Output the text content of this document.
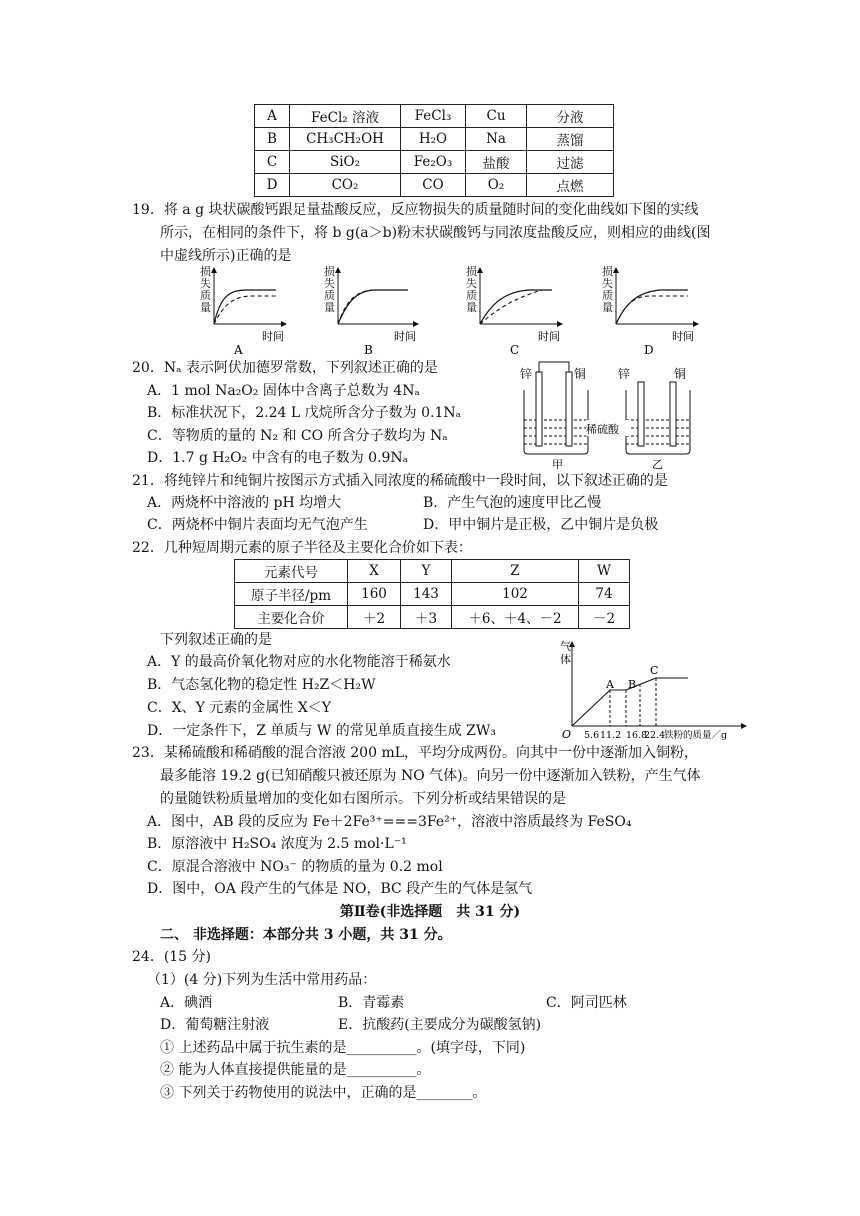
A	FeCl₂ 溶液	FeCl₃	Cu	分液
B	CH₃CH₂OH	H₂O	Na	蒸馏
C	SiO₂	Fe₂O₃	盐酸	过滤
D	CO₂	CO	O₂	点燃
19．将 a g 块状碳酸钙跟足量盐酸反应，反应物损失的质量随时间的变化曲线如下图的实线
所示，在相同的条件下，将 b g(a＞b)粉末状碳酸钙与同浓度盐酸反应，则相应的曲线(图
中虚线所示)正确的是
损
失
质
量
时间
A
损
失
质
量
时间
B
损
失
质
量
时间
C
损
失
质
量
时间
D
20．Nₐ 表示阿伏加德罗常数，下列叙述正确的是
A．1 mol Na₂O₂ 固体中含离子总数为 4Nₐ
B．标准状况下，2.24 L 戊烷所含分子数为 0.1Nₐ
C．等物质的量的 N₂ 和 CO 所含分子数均为 Nₐ
D．1.7 g H₂O₂ 中含有的电子数为 0.9Nₐ
锌	铜	锌	铜
甲	乙
稀硫酸
21．将纯锌片和纯铜片按图示方式插入同浓度的稀硫酸中一段时间，以下叙述正确的是
A．两烧杯中溶液的 pH 均增大	B．产生气泡的速度甲比乙慢
C．两烧杯中铜片表面均无气泡产生	D．甲中铜片是正极，乙中铜片是负极
22．几种短周期元素的原子半径及主要化合价如下表：
元素代号	X	Y	Z	W
原子半径/pm	160	143	102	74
主要化合价	＋2	＋3	＋6、＋4、－2	－2
下列叙述正确的是
A．Y 的最高价氧化物对应的水化物能溶于稀氨水
B．气态氢化物的稳定性 H₂Z＜H₂W
C．X、Y 元素的金属性 X＜Y
D．一定条件下，Z 单质与 W 的常见单质直接生成 ZW₃
气
体
O
A B
C
5.6 11.2 16.8
22.4
铁粉的质量／g
23．某稀硫酸和稀硝酸的混合溶液 200 mL，平均分成两份。向其中一份中逐渐加入铜粉，
最多能溶 19.2 g(已知硝酸只被还原为 NO 气体)。向另一份中逐渐加入铁粉，产生气体
的量随铁粉质量增加的变化如右图所示。下列分析或结果错误的是
A．图中，AB 段的反应为 Fe＋2Fe³⁺===3Fe²⁺，溶液中溶质最终为 FeSO₄
B．原溶液中 H₂SO₄ 浓度为 2.5 mol·L⁻¹
C．原混合溶液中 NO₃⁻ 的物质的量为 0.2 mol
D．图中，OA 段产生的气体是 NO，BC 段产生的气体是氢气
第Ⅱ卷(非选择题　共 31 分)
二、 非选择题：本部分共 3 小题，共 31 分。
24．(15 分)
（1）(4 分)下列为生活中常用药品：
A．碘酒	B．青霉素	C．阿司匹林
D．葡萄糖注射液	E．抗酸药(主要成分为碳酸氢钠)
① 上述药品中属于抗生素的是__________。(填字母，下同)
② 能为人体直接提供能量的是__________。
③ 下列关于药物使用的说法中，正确的是________。
